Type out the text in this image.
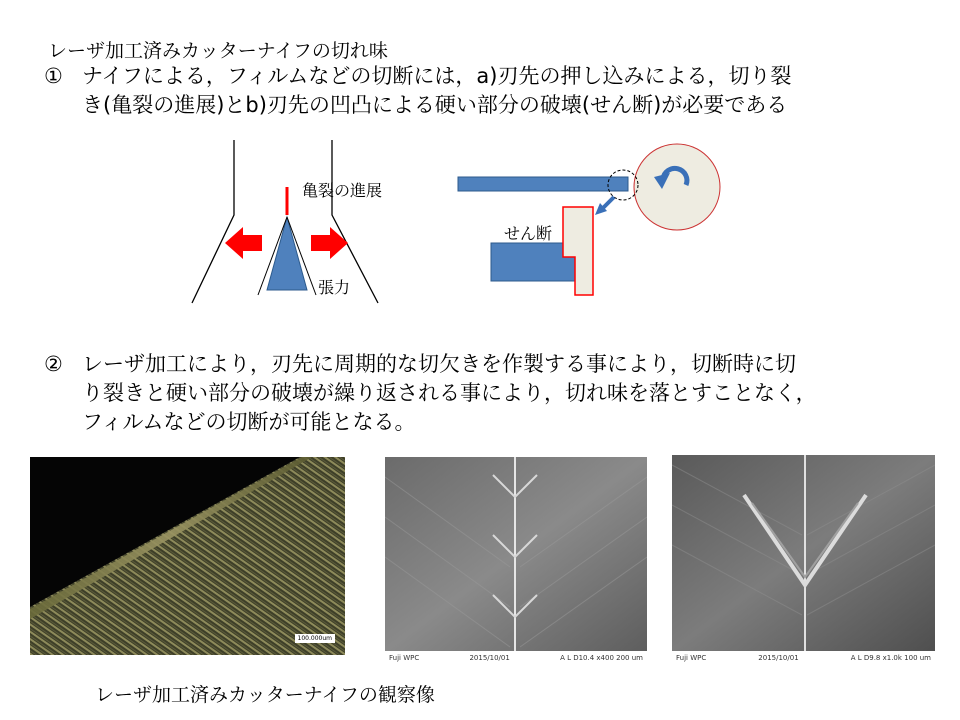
レーザ加工済みカッターナイフの切れ味
① ナイフによる，フィルムなどの切断には，a)刃先の押し込みによる，切り裂
き(亀裂の進展)とb)刃先の凹凸による硬い部分の破壊(せん断)が必要である
亀裂の進展
張力
せん断
② レーザ加工により，刃先に周期的な切欠きを作製する事により，切断時に切
り裂きと硬い部分の破壊が繰り返される事により，切れ味を落とすことなく，
フィルムなどの切断が可能となる。
100.000um
Fuji WPC	2015/10/01	A L D10.4 x400 200 um	Fuji WPC	2015/10/01	A L D9.8 x1.0k 100 um
レーザ加工済みカッターナイフの観察像
